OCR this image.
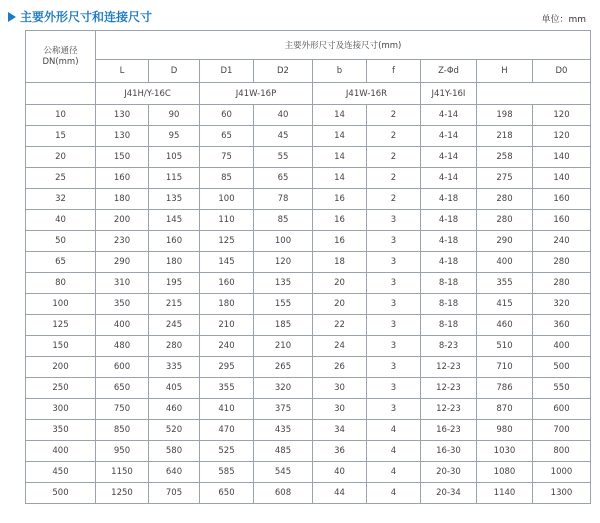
主要外形尺寸和连接尺寸	单位：mm
公称通径 DN(mm)	主要外形尺寸及连接尺寸(mm)								
	L	D	D1	D2	b	f	Z-Φd	H	D0
	J41H/Y-16C		J41W-16P		J41W-16R		J41Y-16I		
10	130	90	60	40	14	2	4-14	198	120
15	130	95	65	45	14	2	4-14	218	120
20	150	105	75	55	14	2	4-14	258	140
25	160	115	85	65	14	2	4-14	275	140
32	180	135	100	78	16	2	4-18	280	160
40	200	145	110	85	16	3	4-18	280	160
50	230	160	125	100	16	3	4-18	290	240
65	290	180	145	120	18	3	4-18	400	280
80	310	195	160	135	20	3	8-18	355	280
100	350	215	180	155	20	3	8-18	415	320
125	400	245	210	185	22	3	8-18	460	360
150	480	280	240	210	24	3	8-23	510	400
200	600	335	295	265	26	3	12-23	710	500
250	650	405	355	320	30	3	12-23	786	550
300	750	460	410	375	30	3	12-23	870	600
350	850	520	470	435	34	4	16-23	980	700
400	950	580	525	485	36	4	16-30	1030	800
450	1150	640	585	545	40	4	20-30	1080	1000
500	1250	705	650	608	44	4	20-34	1140	1300
